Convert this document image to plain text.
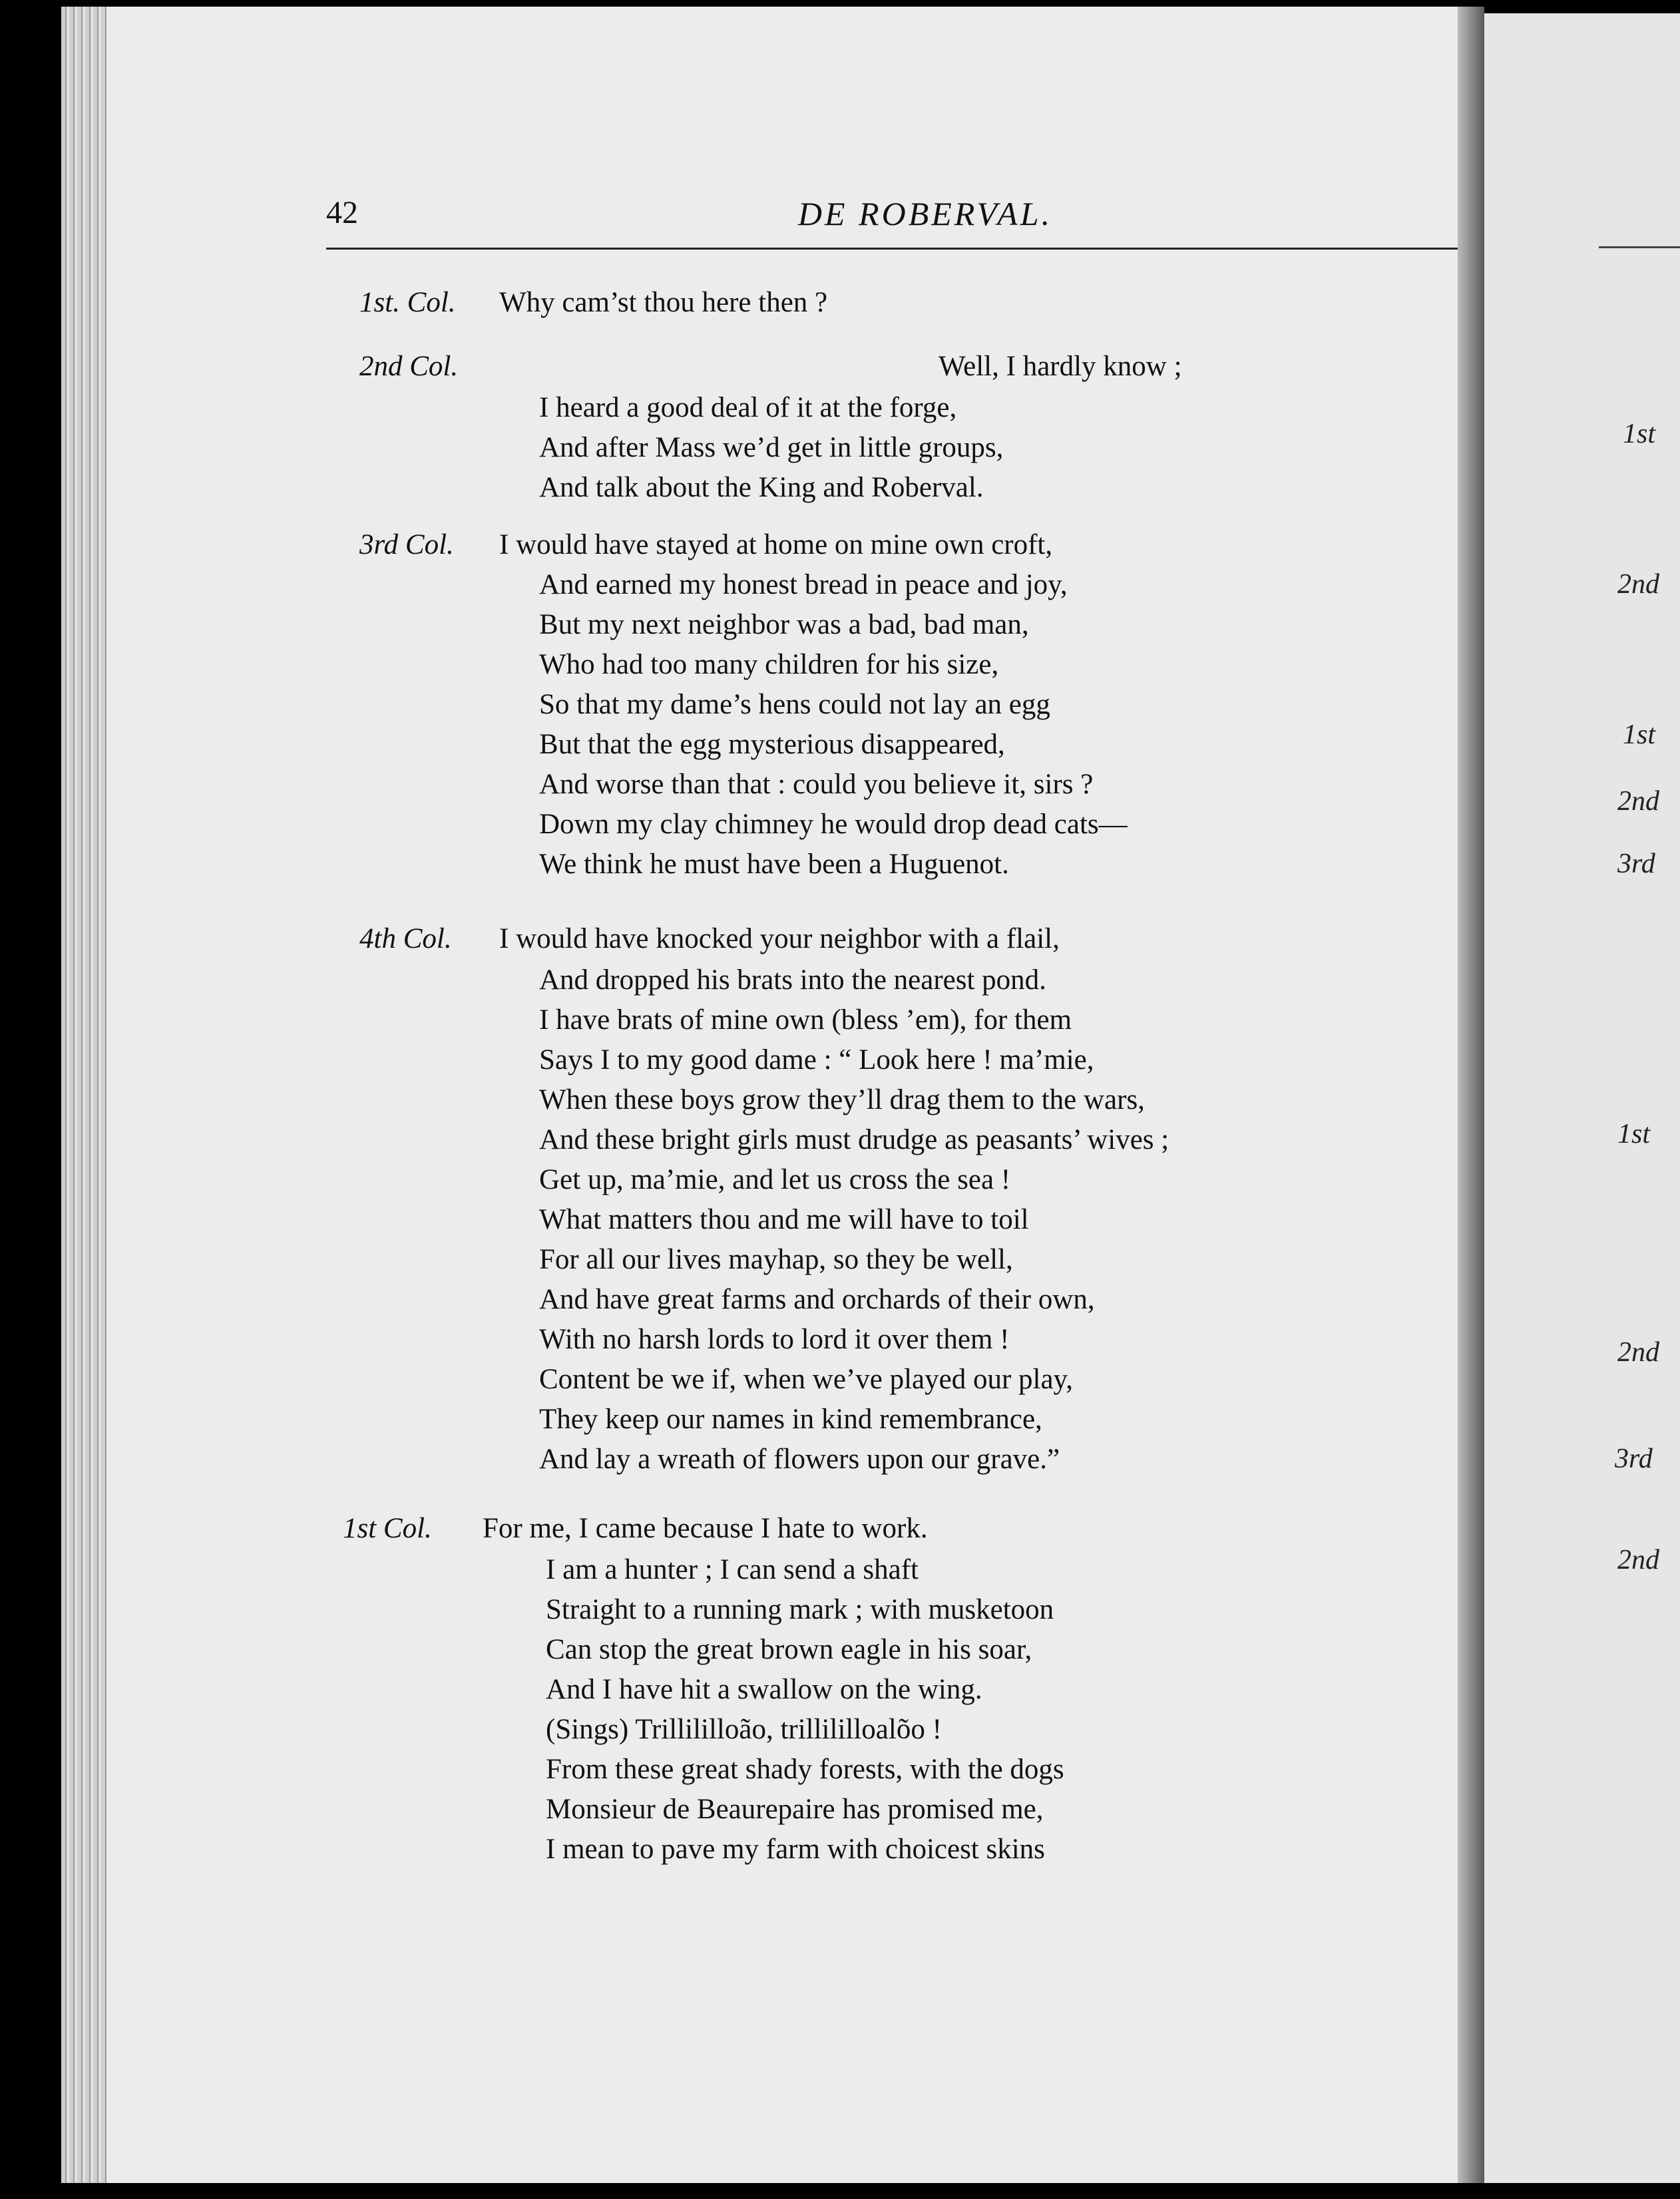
42	DE ROBERVAL.
1st. Col. Why cam’st thou here then ?
2nd Col.	Well, I hardly know ;
I heard a good deal of it at the forge,
And after Mass we’d get in little groups,
And talk about the King and Roberval.
3rd Col. I would have stayed at home on mine own croft,
And earned my honest bread in peace and joy,
But my next neighbor was a bad, bad man,
Who had too many children for his size,
So that my dame’s hens could not lay an egg
But that the egg mysterious disappeared,
And worse than that : could you believe it, sirs ?
Down my clay chimney he would drop dead cats—
We think he must have been a Huguenot.
4th Col. I would have knocked your neighbor with a flail,
And dropped his brats into the nearest pond.
I have brats of mine own (bless ’em), for them
Says I to my good dame : “ Look here ! ma’mie,
When these boys grow they’ll drag them to the wars,
And these bright girls must drudge as peasants’ wives ;
Get up, ma’mie, and let us cross the sea !
What matters thou and me will have to toil
For all our lives mayhap, so they be well,
And have great farms and orchards of their own,
With no harsh lords to lord it over them !
Content be we if, when we’ve played our play,
They keep our names in kind remembrance,
And lay a wreath of flowers upon our grave.”
1st Col. For me, I came because I hate to work.
I am a hunter ; I can send a shaft
Straight to a running mark ; with musketoon
Can stop the great brown eagle in his soar,
And I have hit a swallow on the wing.
(Sings) Trillililloão, trillililloalõo !
From these great shady forests, with the dogs
Monsieur de Beaurepaire has promised me,
I mean to pave my farm with choicest skins
1st
2nd
1st
2nd
3rd
1st
2nd
3rd
2nd
